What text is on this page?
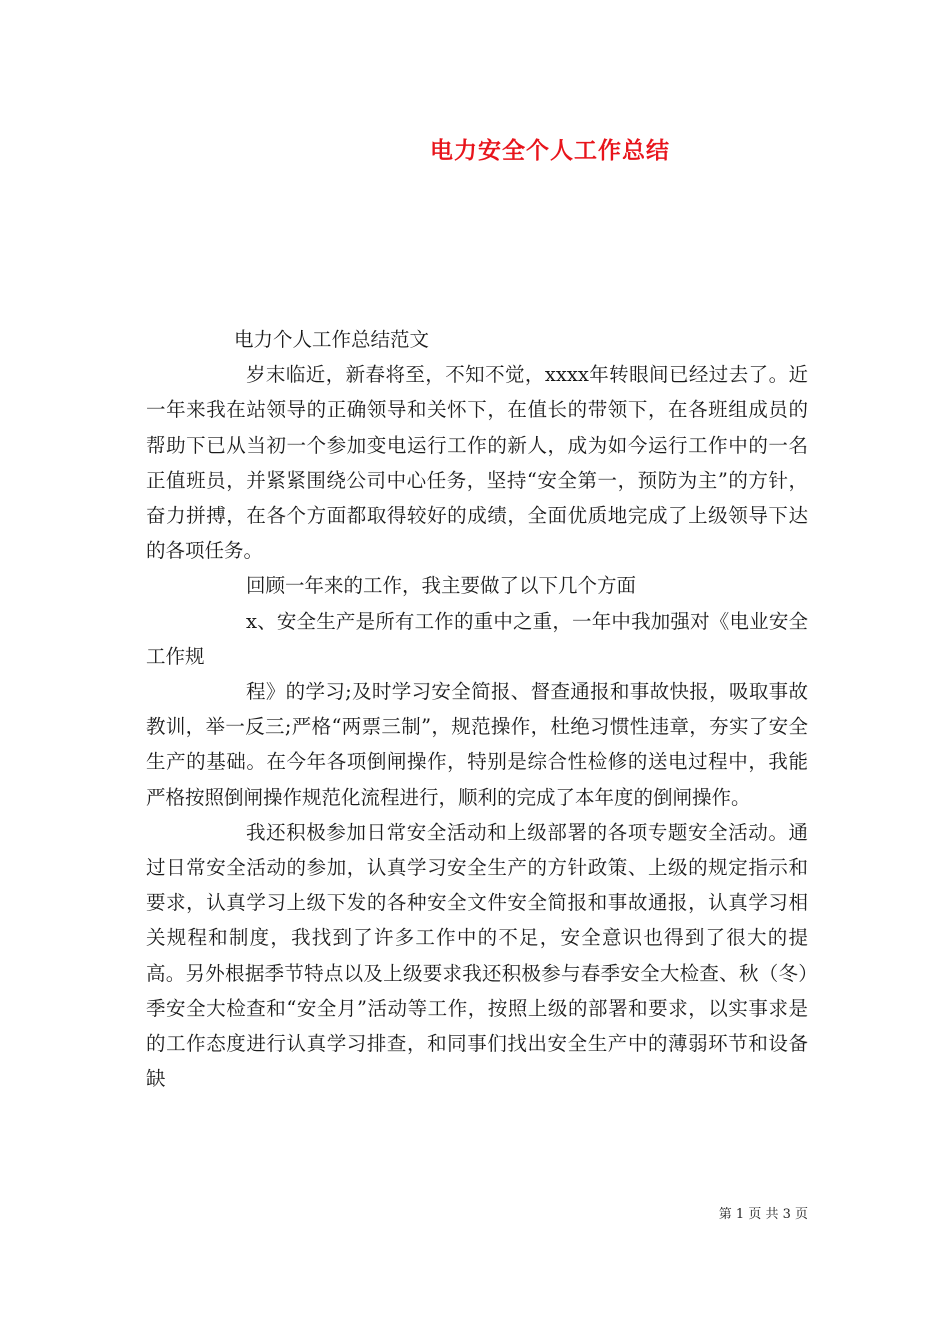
电力安全个人工作总结

电力个人工作总结范文

岁末临近，新春将至，不知不觉，xxxx年转眼间已经过去了。近一年来我在站领导的正确领导和关怀下，在值长的带领下，在各班组成员的帮助下已从当初一个参加变电运行工作的新人，成为如今运行工作中的一名正值班员，并紧紧围绕公司中心任务，坚持“安全第一，预防为主”的方针，奋力拼搏，在各个方面都取得较好的成绩，全面优质地完成了上级领导下达的各项任务。

回顾一年来的工作，我主要做了以下几个方面

x、安全生产是所有工作的重中之重，一年中我加强对《电业安全工作规

程》的学习;及时学习安全简报、督查通报和事故快报，吸取事故教训，举一反三;严格“两票三制”，规范操作，杜绝习惯性违章，夯实了安全生产的基础。在今年各项倒闸操作，特别是综合性检修的送电过程中，我能严格按照倒闸操作规范化流程进行，顺利的完成了本年度的倒闸操作。

我还积极参加日常安全活动和上级部署的各项专题安全活动。通过日常安全活动的参加，认真学习安全生产的方针政策、上级的规定指示和要求，认真学习上级下发的各种安全文件安全简报和事故通报，认真学习相关规程和制度，我找到了许多工作中的不足，安全意识也得到了很大的提高。另外根据季节特点以及上级要求我还积极参与春季安全大检查、秋（冬）季安全大检查和“安全月”活动等工作，按照上级的部署和要求，以实事求是的工作态度进行认真学习排查，和同事们找出安全生产中的薄弱环节和设备缺

第 1 页 共 3 页
